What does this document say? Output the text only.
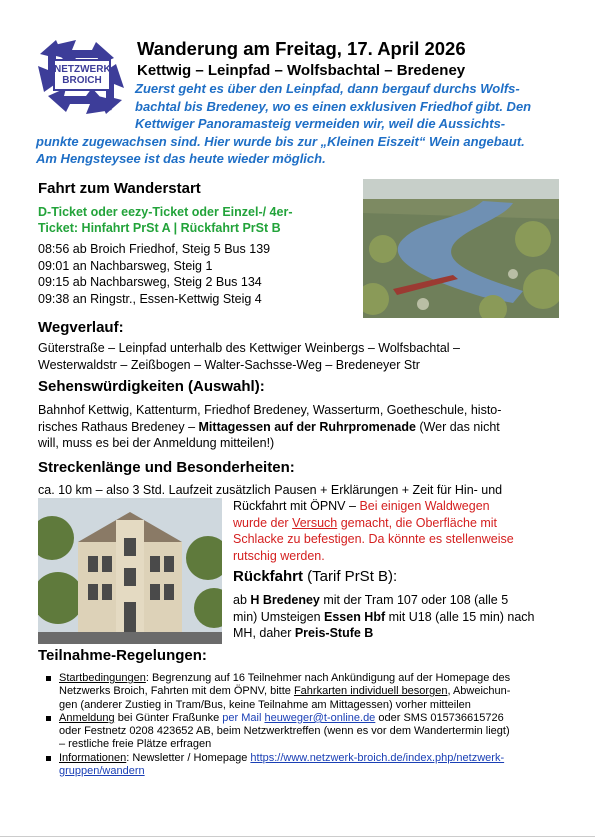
NETZWERK
BROICH
Wanderung am Freitag, 17. April 2026
Kettwig – Leinpfad – Wolfsbachtal – Bredeney
Zuerst geht es über den Leinpfad, dann bergauf durchs Wolfs-
bachtal bis Bredeney, wo es einen exklusiven Friedhof gibt. Den
Kettwiger Panoramasteig vermeiden wir, weil die Aussichts-
punkte zugewachsen sind. Hier wurde bis zur „Kleinen Eiszeit“ Wein angebaut.
Am Hengsteysee ist das heute wieder möglich.
Fahrt zum Wanderstart
D-Ticket oder eezy-Ticket oder Einzel-/ 4er-
Ticket: Hinfahrt PrSt A | Rückfahrt PrSt B
08:56 ab Broich Friedhof, Steig 5 Bus 139
09:01 an Nachbarsweg, Steig 1
09:15 ab Nachbarsweg, Steig 2 Bus 134
09:38 an Ringstr., Essen-Kettwig Steig 4
Wegverlauf:
Güterstraße – Leinpfad unterhalb des Kettwiger Weinbergs – Wolfsbachtal –
Westerwaldstr – Zeißbogen – Walter-Sachsse-Weg – Bredeneyer Str
Sehenswürdigkeiten (Auswahl):
Bahnhof Kettwig, Kattenturm, Friedhof Bredeney, Wasserturm, Goetheschule, histo-
risches Rathaus Bredeney – Mittagessen auf der Ruhrpromenade (Wer das nicht
will, muss es bei der Anmeldung mitteilen!)
Streckenlänge und Besonderheiten:
ca. 10 km – also 3 Std. Laufzeit zusätzlich Pausen + Erklärungen + Zeit für Hin- und
Rückfahrt mit ÖPNV – Bei einigen Waldwegen
wurde der Versuch gemacht, die Oberfläche mit
Schlacke zu befestigen. Da könnte es stellenweise
rutschig werden.
Rückfahrt (Tarif PrSt B):
ab H Bredeney mit der Tram 107 oder 108 (alle 5
min) Umsteigen Essen Hbf mit U18 (alle 15 min) nach
MH, daher Preis-Stufe B
Teilnahme-Regelungen:
Startbedingungen: Begrenzung auf 16 Teilnehmer nach Ankündigung auf der Homepage des
Netzwerks Broich, Fahrten mit dem ÖPNV, bitte Fahrkarten individuell besorgen, Abweichun-
gen (anderer Zustieg in Tram/Bus, keine Teilnahme am Mittagessen) vorher mitteilen
Anmeldung bei Günter Fraßunke per Mail heuweger@t-online.de oder SMS 015736615726
oder Festnetz 0208 423652 AB, beim Netzwerktreffen (wenn es vor dem Wandertermin liegt)
– restliche freie Plätze erfragen
Informationen: Newsletter / Homepage https://www.netzwerk-broich.de/index.php/netzwerk-
gruppen/wandern
